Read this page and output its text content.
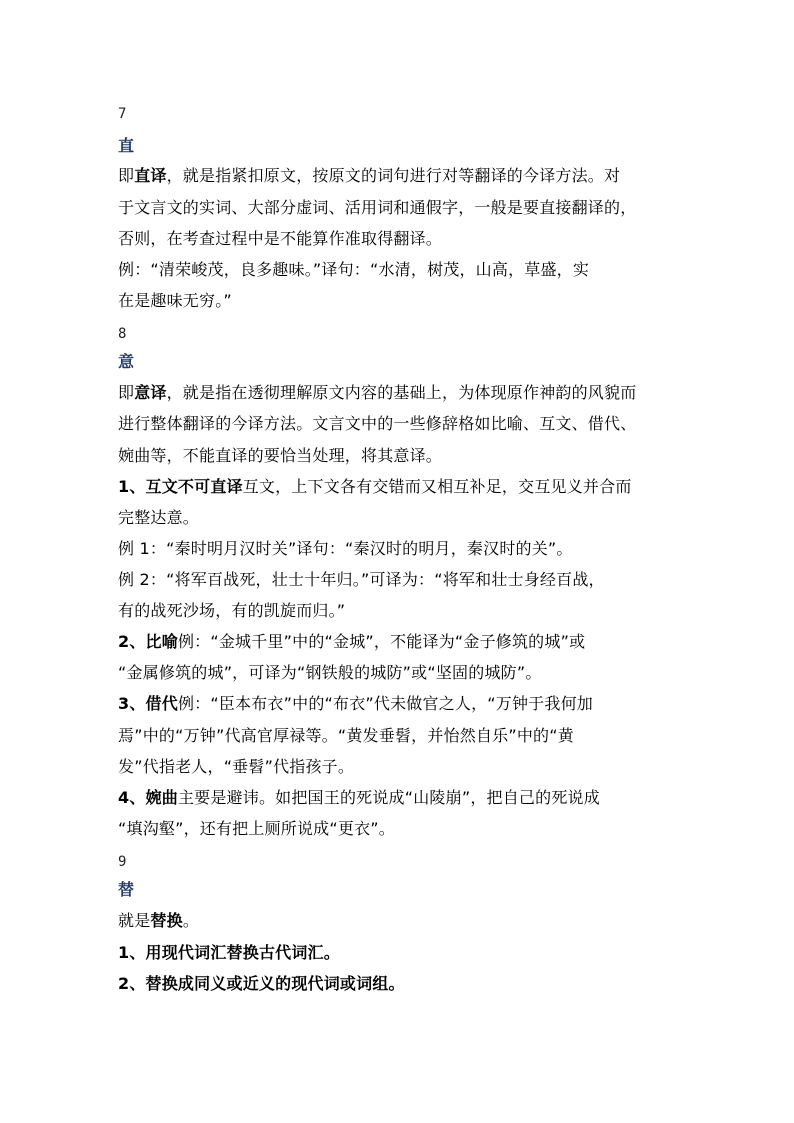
7
直
即直译，就是指紧扣原文，按原文的词句进行对等翻译的今译方法。对
于文言文的实词、大部分虚词、活用词和通假字，一般是要直接翻译的，
否则，在考查过程中是不能算作准取得翻译。
例：“清荣峻茂，良多趣味。”译句：“水清，树茂，山高，草盛，实
在是趣味无穷。”
8
意
即意译，就是指在透彻理解原文内容的基础上，为体现原作神韵的风貌而
进行整体翻译的今译方法。文言文中的一些修辞格如比喻、互文、借代、
婉曲等，不能直译的要恰当处理，将其意译。
1、互文不可直译互文，上下文各有交错而又相互补足，交互见义并合而
完整达意。
例 1：“秦时明月汉时关”译句：“秦汉时的明月，秦汉时的关”。
例 2：“将军百战死，壮士十年归。”可译为：“将军和壮士身经百战，
有的战死沙场，有的凯旋而归。”
2、比喻例：“金城千里”中的“金城”，不能译为“金子修筑的城”或
“金属修筑的城”，可译为“钢铁般的城防”或“坚固的城防”。
3、借代例：“臣本布衣”中的“布衣”代未做官之人，“万钟于我何加
焉”中的“万钟”代高官厚禄等。“黄发垂髫，并怡然自乐”中的“黄
发”代指老人，“垂髫”代指孩子。
4、婉曲主要是避讳。如把国王的死说成“山陵崩”，把自己的死说成
“填沟壑”，还有把上厕所说成“更衣”。
9
替
就是替换。
1、用现代词汇替换古代词汇。
2、替换成同义或近义的现代词或词组。
